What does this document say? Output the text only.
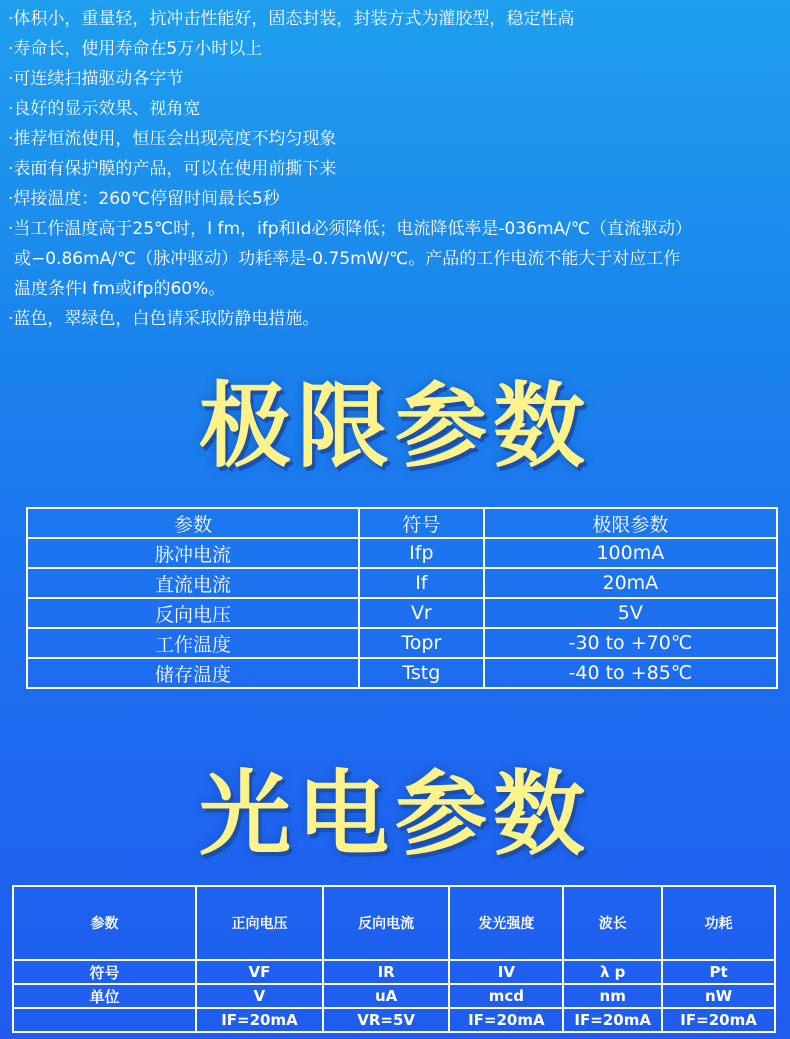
·体积小，重量轻，抗冲击性能好，固态封装，封装方式为灌胶型，稳定性高
·寿命长，使用寿命在5万小时以上
·可连续扫描驱动各字节
·良好的显示效果、视角宽
·推荐恒流使用，恒压会出现亮度不均匀现象
·表面有保护膜的产品，可以在使用前撕下来
·焊接温度：260℃停留时间最长5秒
·当工作温度高于25℃时，I fm，ifp和Id必须降低；电流降低率是-036mA/℃（直流驱动）
或−0.86mA/℃（脉冲驱动）功耗率是-0.75mW/℃。产品的工作电流不能大于对应工作
温度条件I fm或ifp的60%。
·蓝色，翠绿色，白色请采取防静电措施。
极限参数
参数	符号	极限参数
脉冲电流	Ifp	100mA
直流电流	If	20mA
反向电压	Vr	5V
工作温度	Topr	-30 to +70℃
储存温度	Tstg	-40 to +85℃
光电参数
参数	正向电压	反向电流	发光强度	波长	功耗
符号	VF	IR	IV	λ p	Pt
单位	V	uA	mcd	nm	nW
	IF=20mA	VR=5V	IF=20mA	IF=20mA	IF=20mA
